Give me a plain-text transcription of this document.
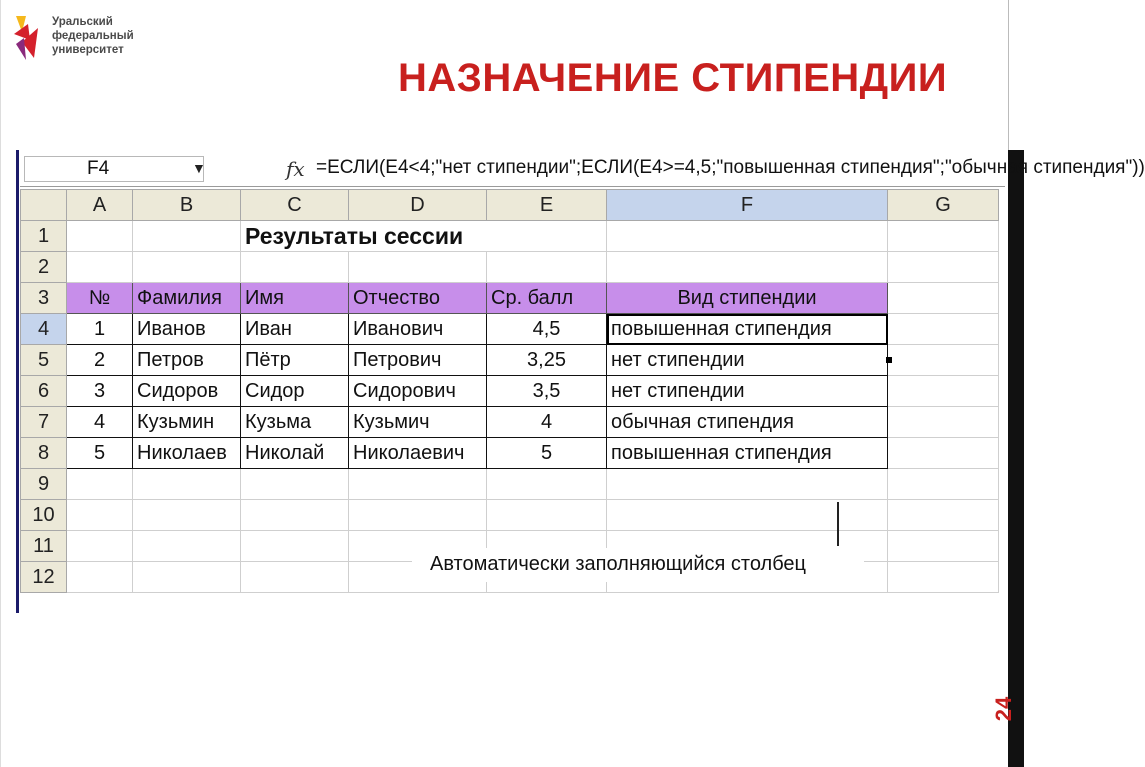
Уральский
федеральный
университет
НАЗНАЧЕНИЕ СТИПЕНДИИ
24
F4	▼	fx =ЕСЛИ(E4<4;"нет стипендии";ЕСЛИ(E4>=4,5;"повышенная стипендия";"обычная стипендия"))
	A	B	C	D	E	F	G
1			Результаты сессии				
2							
3	№	Фамилия	Имя	Отчество	Ср. балл	Вид стипендии	
4	1	Иванов	Иван	Иванович	4,5	повышенная стипендия	
5	2	Петров	Пётр	Петрович	3,25	нет стипендии	
6	3	Сидоров	Сидор	Сидорович	3,5	нет стипендии	
7	4	Кузьмин	Кузьма	Кузьмич	4	обычная стипендия	
8	5	Николаев	Николай	Николаевич	5	повышенная стипендия	
9							
10							
11							
12							
Автоматически заполняющийся столбец
